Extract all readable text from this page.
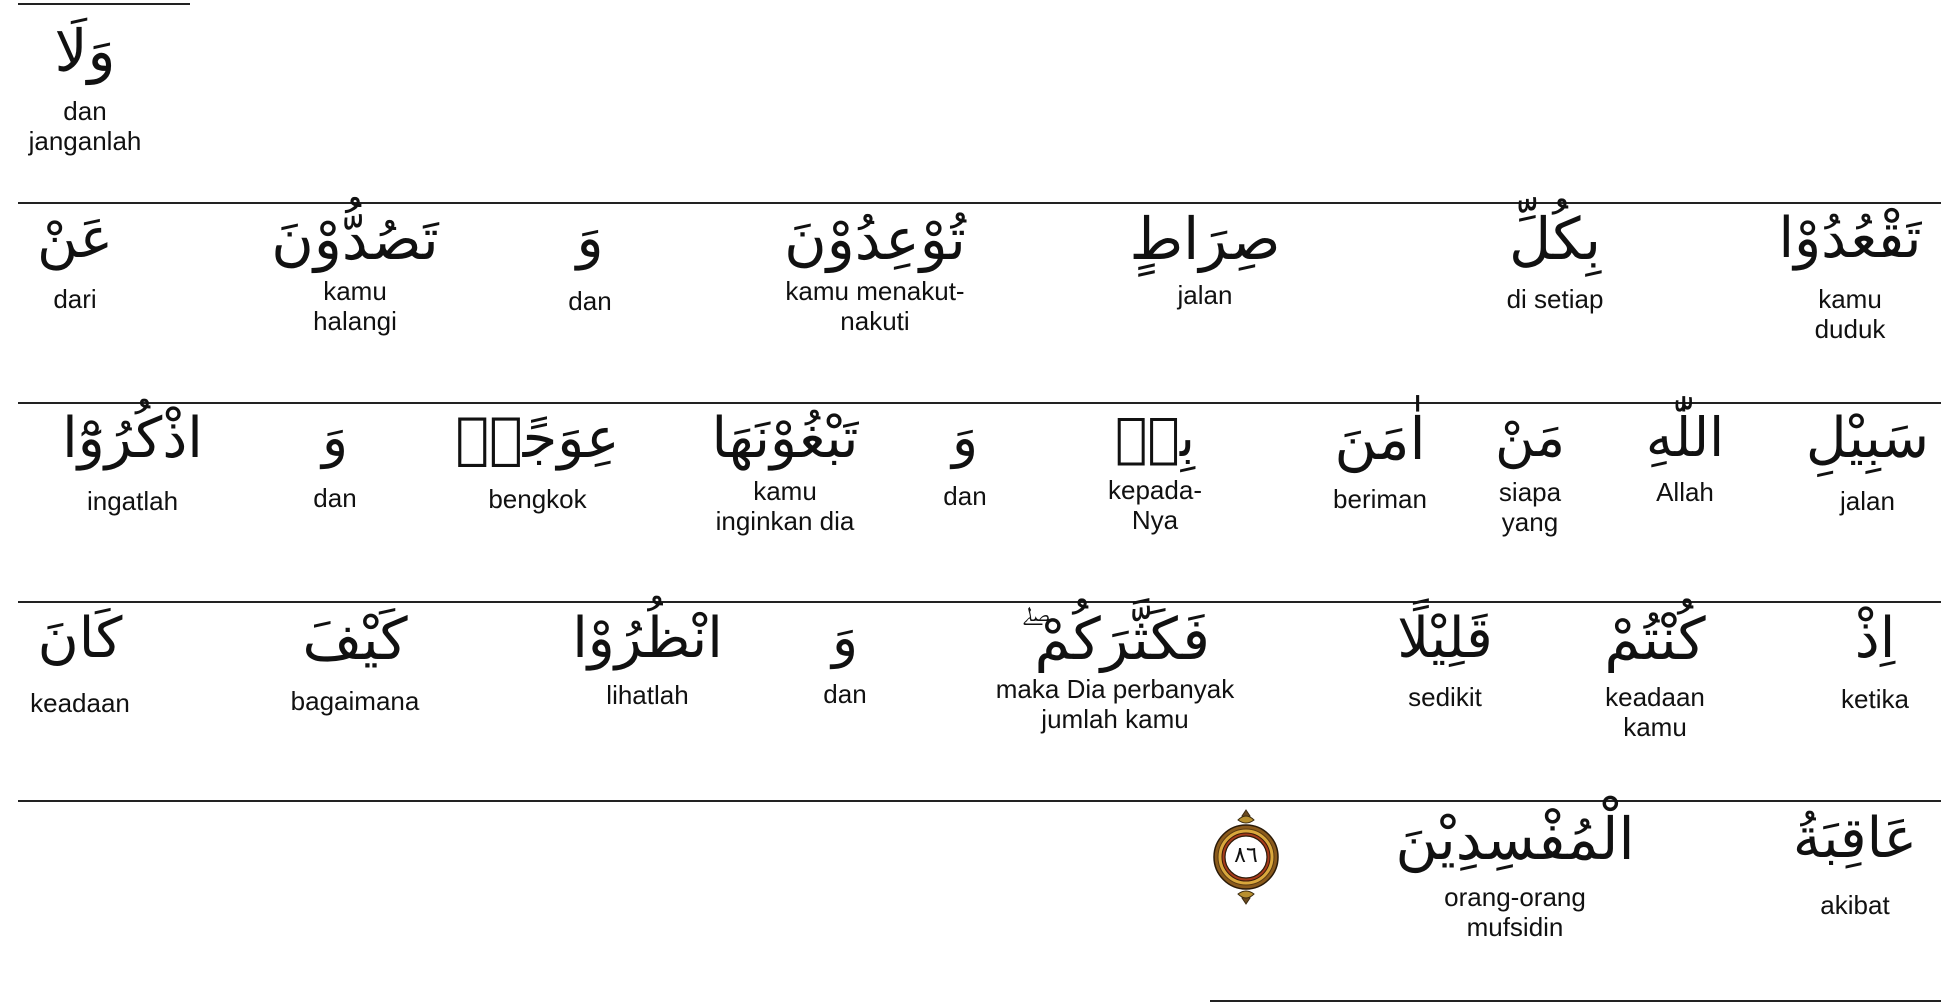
وَلَا
dan
janganlah
تَقْعُدُوْا
kamu
duduk
بِكُلِّ
di setiap
صِرَاطٍ
jalan
تُوْعِدُوْنَ
kamu menakut-
nakuti
وَ
dan
تَصُدُّوْنَ
kamu
halangi
عَنْ
dari
سَبِيْلِ
jalan
اللّٰهِ
Allah
مَنْ
siapa
yang
اٰمَنَ
beriman
بِهٖ
kepada-
Nya
وَ
dan
تَبْغُوْنَهَا
kamu
inginkan dia
عِوَجًاۚ
bengkok
وَ
dan
اذْكُرُوْٓا
ingatlah
اِذْ
ketika
كُنْتُمْ
keadaan
kamu
قَلِيْلًا
sedikit
فَكَثَّرَكُمْ ۖ
maka Dia perbanyak
jumlah kamu
وَ
dan
انْظُرُوْا
lihatlah
كَيْفَ
bagaimana
كَانَ
keadaan
عَاقِبَةُ
akibat
الْمُفْسِدِيْنَ
orang-orang
mufsidin
٨٦
